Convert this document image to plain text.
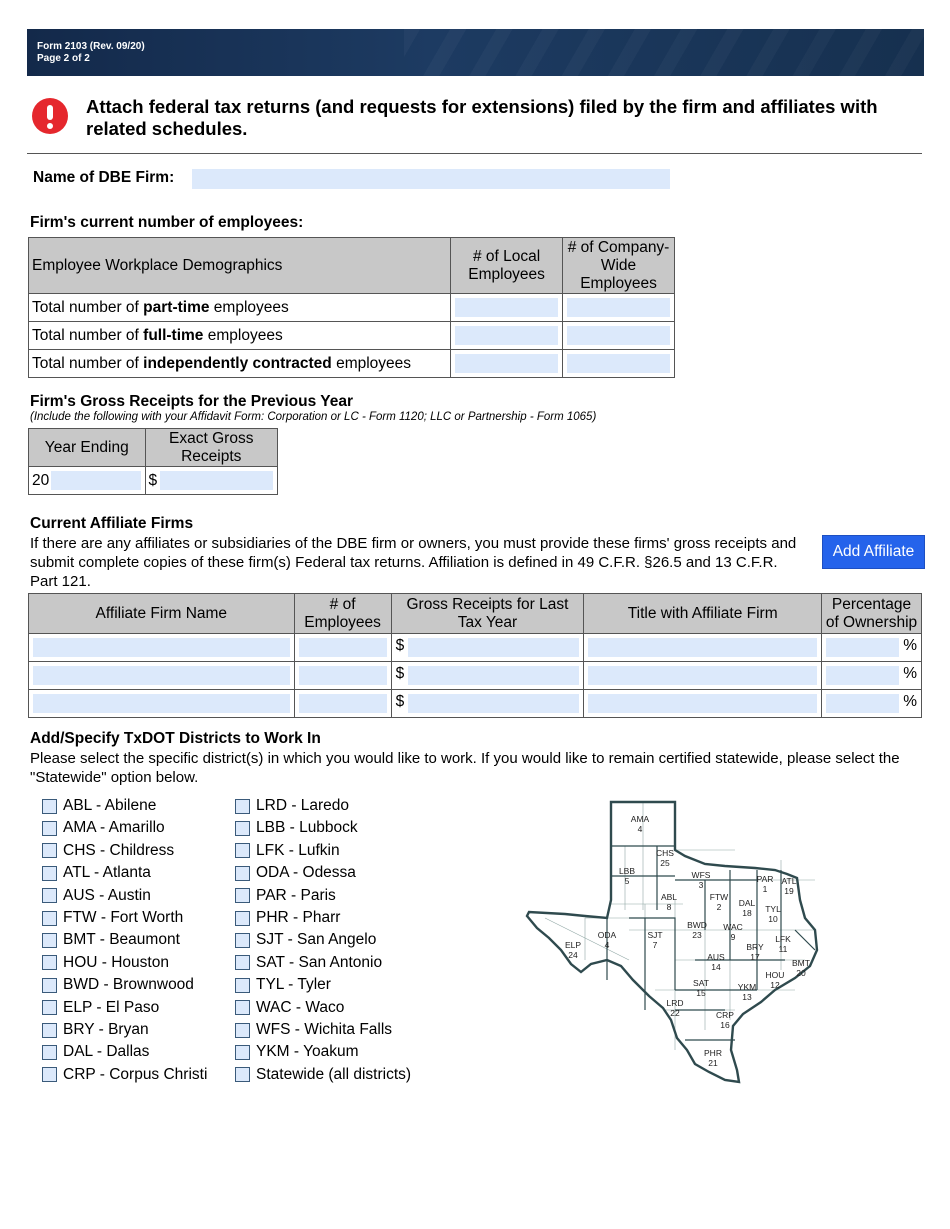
Form 2103 (Rev. 09/20)
Page 2 of 2
Attach federal tax returns (and requests for extensions) filed by the firm and affiliates with related schedules.
Name of DBE Firm:
Firm's current number of employees:
Employee Workplace Demographics	# of Local Employees	# of Company-Wide Employees
Total number of part-time employees	

Total number of full-time employees	

Total number of independently contracted employees	

Firm's Gross Receipts for the Previous Year
(Include the following with your Affidavit Form: Corporation or LC - Form 1120; LLC or Partnership - Form 1065)
Year Ending	Exact Gross Receipts
20	$
Current Affiliate Firms
If there are any affiliates or subsidiaries of the DBE firm or owners, you must provide these firms' gross receipts and submit complete copies of these firm(s) Federal tax returns. Affiliation is defined in 49 C.F.R. §26.5 and 13 C.F.R. Part 121.
Add Affiliate
Affiliate Firm Name	# of Employees	Gross Receipts for Last Tax Year	Title with Affiliate Firm	Percentage of Ownership

		$		%

		$		%

		$		%
Add/Specify TxDOT Districts to Work In
Please select the specific district(s) in which you would like to work. If you would like to remain certified statewide, please select the "Statewide" option below.
ABL - Abilene
AMA - Amarillo
CHS - Childress
ATL - Atlanta
AUS - Austin
FTW - Fort Worth
BMT - Beaumont
HOU - Houston
BWD - Brownwood
ELP - El Paso
BRY - Bryan
DAL - Dallas
CRP - Corpus Christi
LRD - Laredo
LBB - Lubbock
LFK - Lufkin
ODA - Odessa
PAR - Paris
PHR - Pharr
SJT - San Angelo
SAT - San Antonio
TYL - Tyler
WAC - Waco
WFS - Wichita Falls
YKM - Yoakum
Statewide (all districts)
AMA
4
CHS
25
LBB
5
WFS
3
PAR
1
ATL
19
ABL
8
FTW
2 DAL
18 TYL
10
ELP
24
ODA
4
SJT
7
BWD
23
WAC
9	LFK
11
BRY
17
AUS
14	BMT
20
HOU
12
SAT
15
YKM
13
LRD
22	CRP
16
PHR
21
